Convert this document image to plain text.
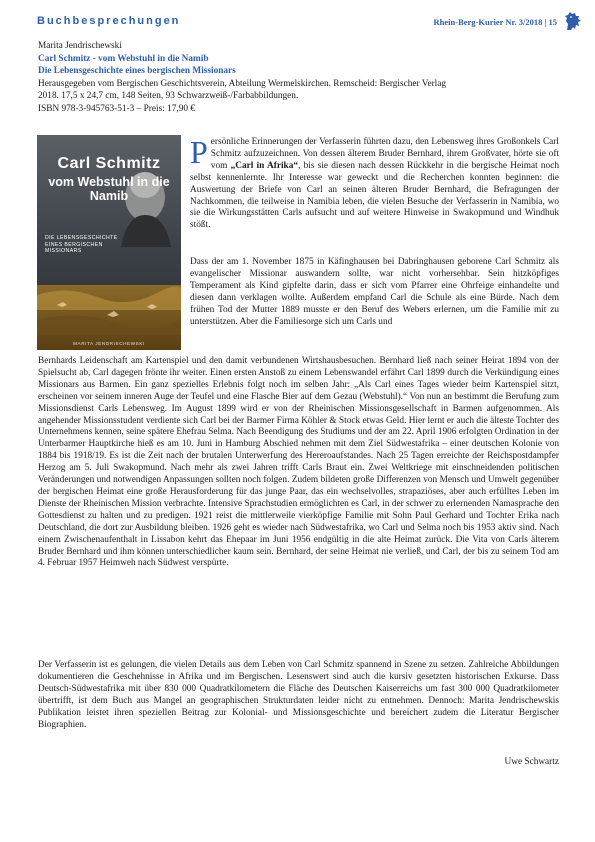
Buchbesprechungen	Rhein-Berg-Kurier Nr. 3/2018 | 15
Marita Jendrischewski
Carl Schmitz - vom Webstuhl in die Namib
Die Lebensgeschichte eines bergischen Missionars
Herausgegeben vom Bergischen Geschichtsverein, Abteilung Wermelskirchen. Remscheid: Bergischer Verlag
2018. 17,5 x 24,7 cm, 148 Seiten, 93 Schwarzweiß-/Farbabbildungen.
ISBN 978-3-945763-51-3 – Preis: 17,90 €
Carl Schmitz
vom Webstuhl in die Namib
DIE LEBENSGESCHICHTE EINES BERGISCHEN MISSIONARS
MARITA JENDRISCHEWSKI

Persönliche Erinnerungen der Verfasserin führten dazu, den Lebensweg ihres Großonkels Carl Schmitz aufzuzeichnen. Von dessen älterem Bruder Bernhard, ihrem Großvater, hörte sie oft vom „Carl in Afrika“, bis sie diesen nach dessen Rückkehr in die bergische Heimat noch selbst kennenlernte. Ihr Interesse war geweckt und die Recherchen konnten beginnen: die Auswertung der Briefe von Carl an seinen älteren Bruder Bernhard, die Befragungen der Nachkommen, die teilweise in Namibia leben, die vielen Besuche der Verfasserin in Namibia, wo sie die Wirkungsstätten Carls aufsucht und auf weitere Hinweise in Swakopmund und Windhuk stößt.

Dass der am 1. November 1875 in Käfinghausen bei Dabringhausen geborene Carl Schmitz als evangelischer Missionar auswandern sollte, war nicht vorhersehbar. Sein hitzköpfiges Temperament als Kind gipfelte darin, dass er sich vom Pfarrer eine Ohrfeige einhandelte und diesen dann verklagen wollte. Außerdem empfand Carl die Schule als eine Bürde. Nach dem frühen Tod der Mutter 1889 musste er den Beruf des Webers erlernen, um die Familie mit zu unterstützen. Aber die Familiesorge sich um Carls und

Bernhards Leidenschaft am Kartenspiel und den damit verbundenen Wirtshausbesuchen. Bernhard ließ nach seiner Heirat 1894 von der Spielsucht ab, Carl dagegen frönte ihr weiter. Einen ersten Anstoß zu einem Lebenswandel erfährt Carl 1899 durch die Verkündigung eines Missionars aus Barmen. Ein ganz spezielles Erlebnis folgt noch im selben Jahr: „Als Carl eines Tages wieder beim Kartenspiel sitzt, erscheinen vor seinem inneren Auge der Teufel und eine Flasche Bier auf dem Gezau (Webstuhl).“ Von nun an bestimmt die Berufung zum Missionsdienst Carls Lebensweg. Im August 1899 wird er von der Rheinischen Missionsgesellschaft in Barmen aufgenommen. Als angehender Missionsstudent verdiente sich Carl bei der Barmer Firma Köhler & Stock etwas Geld. Hier lernt er auch die älteste Tochter des Unternehmens kennen, seine spätere Ehefrau Selma. Nach Beendigung des Studiums und der am 22. April 1906 erfolgten Ordination in der Unterbarmer Hauptkirche hieß es am 10. Juni in Hamburg Abschied nehmen mit dem Ziel Südwestafrika – einer deutschen Kolonie von 1884 bis 1918/19. Es ist die Zeit nach der brutalen Unterwerfung des Hereroaufstandes. Nach 25 Tagen erreichte der Reichspostdampfer Herzog am 5. Juli Swakopmund. Nach mehr als zwei Jahren trifft Carls Braut ein. Zwei Weltkriege mit einschneidenden politischen Veränderungen und notwendigen Anpassungen sollten noch folgen. Zudem bildeten große Differenzen von Mensch und Umwelt gegenüber der bergischen Heimat eine große Herausforderung für das junge Paar, das ein wechselvolles, strapaziöses, aber auch erfülltes Leben im Dienste der Rheinischen Mission verbrachte. Intensive Sprachstudien ermöglichten es Carl, in der schwer zu erlernenden Namasprache den Gottesdienst zu halten und zu predigen. 1921 reist die mittlerweile vierköpfige Familie mit Sohn Paul Gerhard und Tochter Erika nach Deutschland, die dort zur Ausbildung bleiben. 1926 geht es wieder nach Südwestafrika, wo Carl und Selma noch bis 1953 aktiv sind. Nach einem Zwischenaufenthalt in Lissabon kehrt das Ehepaar im Juni 1956 endgültig in die alte Heimat zurück. Die Vita von Carls älterem Bruder Bernhard und ihm können unterschiedlicher kaum sein. Bernhard, der seine Heimat nie verließ, und Carl, der bis zu seinem Tod am 4. Februar 1957 Heimweh nach Südwest verspürte.

Der Verfasserin ist es gelungen, die vielen Details aus dem Leben von Carl Schmitz spannend in Szene zu setzen. Zahlreiche Abbildungen dokumentieren die Geschehnisse in Afrika und im Bergischen. Lesenswert sind auch die kursiv gesetzten historischen Exkurse. Dass Deutsch-Südwestafrika mit über 830 000 Quadratkilometern die Fläche des Deutschen Kaiserreichs um fast 300 000 Quadratkilometer übertrifft, ist dem Buch aus Mangel an geographischen Strukturdaten leider nicht zu entnehmen. Dennoch: Marita Jendrischewskis Publikation leistet ihren speziellen Beitrag zur Kolonial- und Missionsgeschichte und bereichert zudem die Literatur Bergischer Biographien.

Uwe Schwartz
